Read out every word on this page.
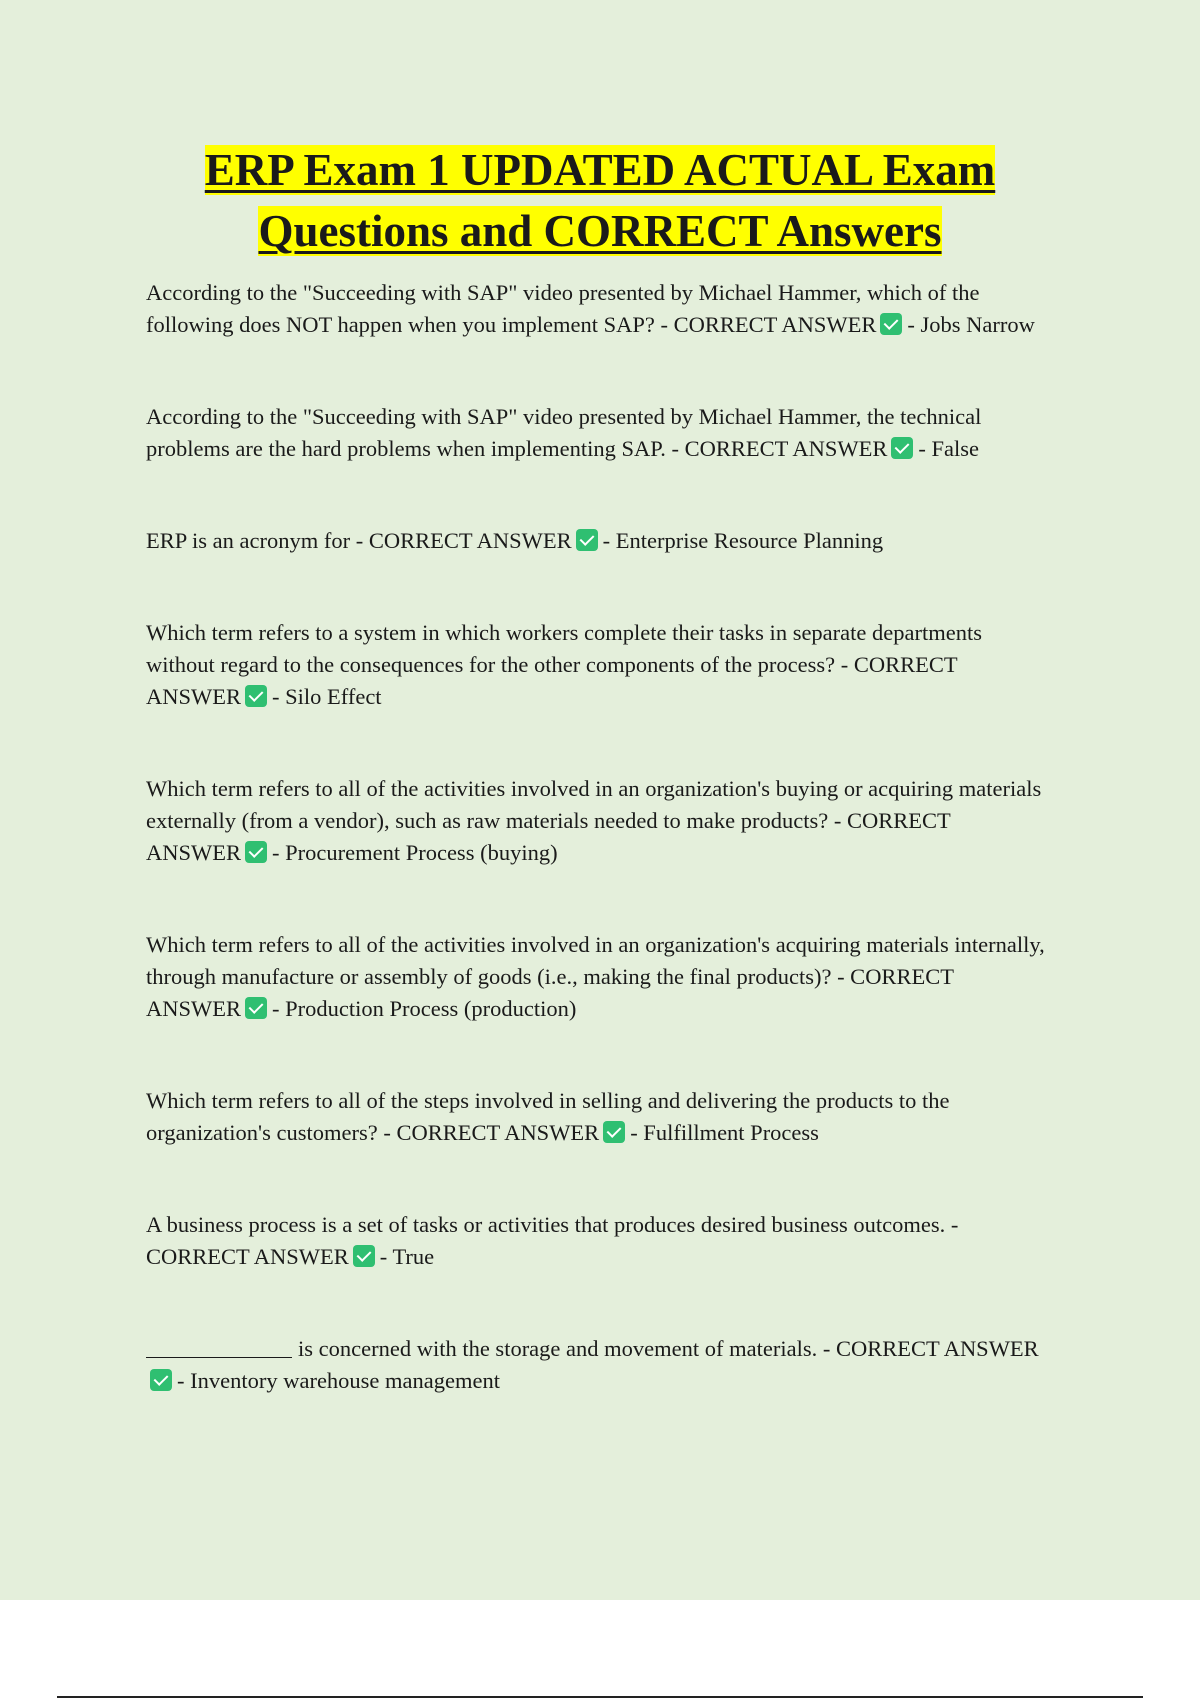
ERP Exam 1 UPDATED ACTUAL Exam
Questions and CORRECT Answers
According to the "Succeeding with SAP" video presented by Michael Hammer, which of the following does NOT happen when you implement SAP? - CORRECT ANSWER - Jobs Narrow
According to the "Succeeding with SAP" video presented by Michael Hammer, the technical problems are the hard problems when implementing SAP. - CORRECT ANSWER - False
ERP is an acronym for - CORRECT ANSWER - Enterprise Resource Planning
Which term refers to a system in which workers complete their tasks in separate departments without regard to the consequences for the other components of the process? - CORRECT ANSWER - Silo Effect
Which term refers to all of the activities involved in an organization's buying or acquiring materials externally (from a vendor), such as raw materials needed to make products? - CORRECT ANSWER - Procurement Process (buying)
Which term refers to all of the activities involved in an organization's acquiring materials internally, through manufacture or assembly of goods (i.e., making the final products)? - CORRECT ANSWER - Production Process (production)
Which term refers to all of the steps involved in selling and delivering the products to the organization's customers? - CORRECT ANSWER - Fulfillment Process
A business process is a set of tasks or activities that produces desired business outcomes. - CORRECT ANSWER - True
is concerned with the storage and movement of materials. - CORRECT ANSWER- Inventory warehouse management
